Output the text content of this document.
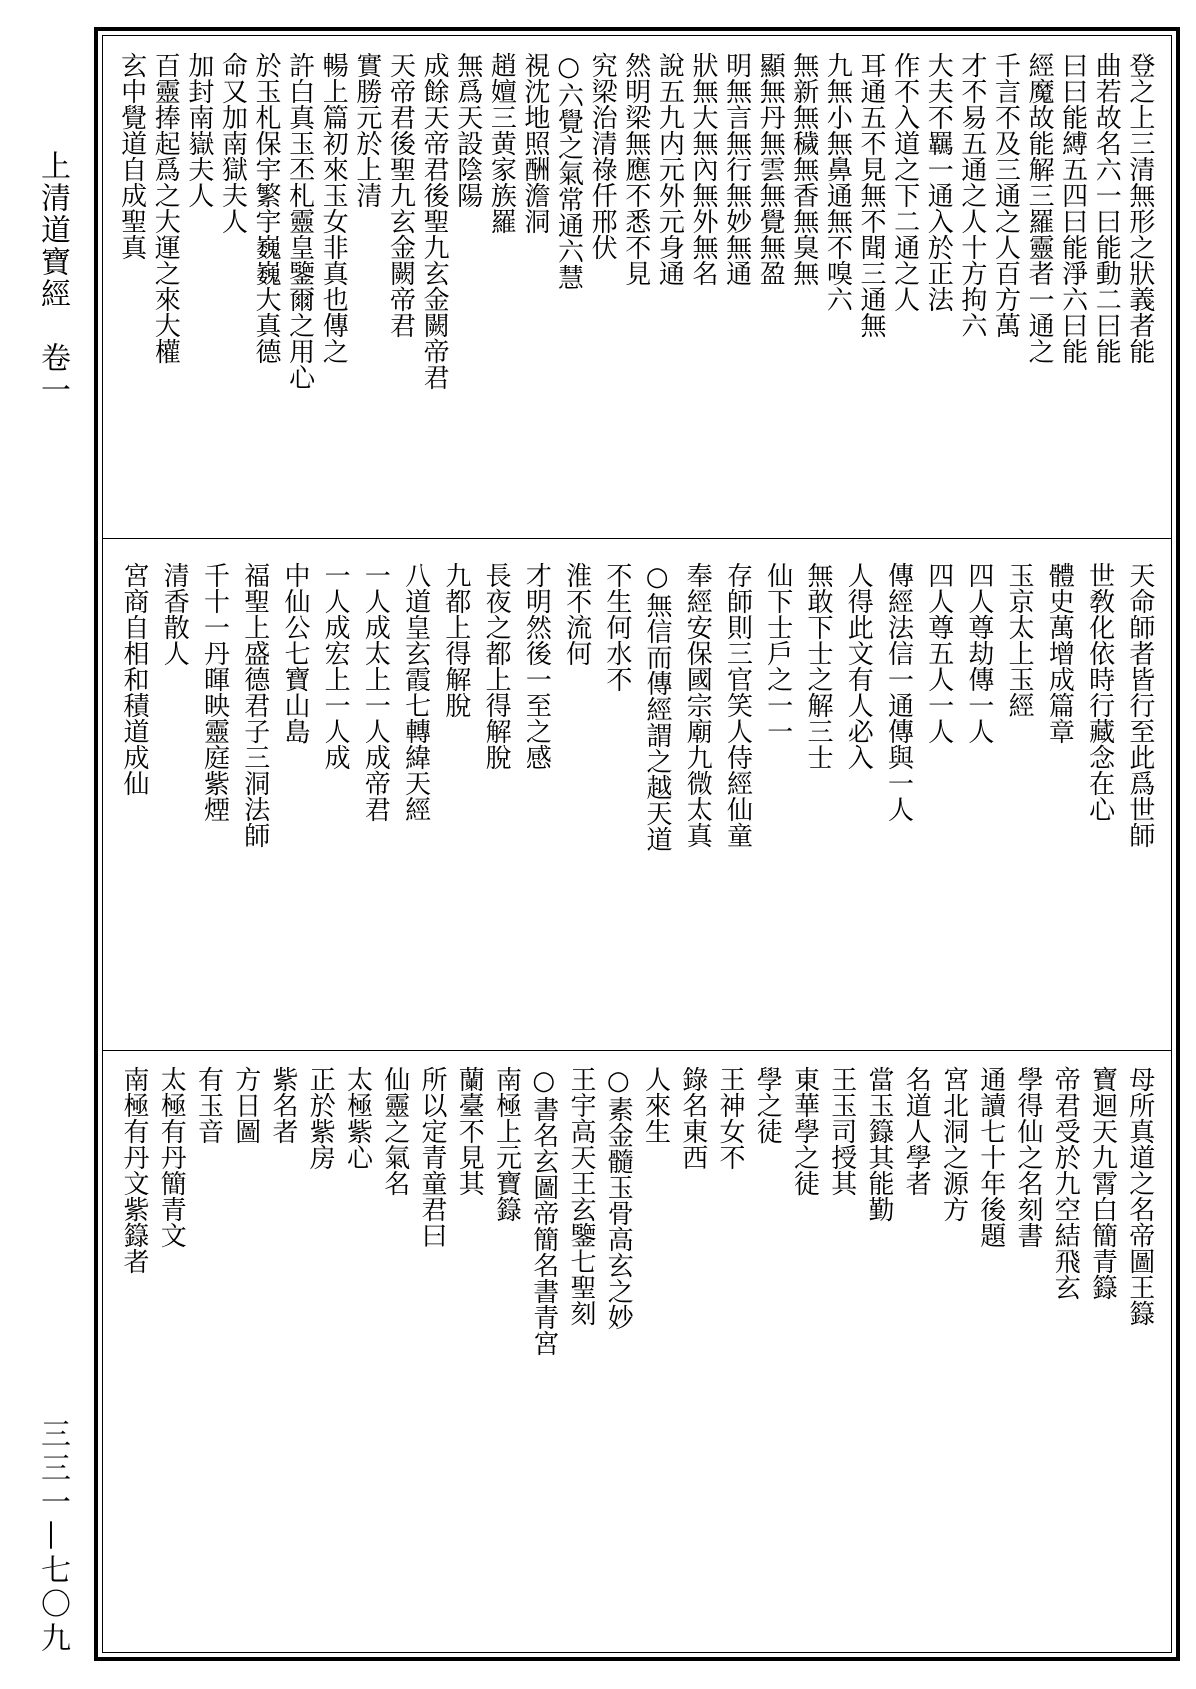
上清道寶經　卷一
三三一—七〇九
登之上三清無形之狀義者能
曲若故名六一曰能動二曰能
曰曰能縛五四曰能淨六曰能
經魔故能解三羅靈者一通之
千言不及三通之人百方萬
才不易五通之人十方拘六
大夫不羈一通入於正法
作不入道之下二通之人
耳通五不見無不聞三通無
九無小無鼻通無不嗅六
無新無穢無香無臭無
顯無丹無雲無覺無盈
明無言無行無妙無通
狀無大無內無外無名
說五九内元外元身通
然明梁無應不悉不見
究梁治清祿仟邢伏
○六覺之氣常通六慧
視沈地照酬澹洞
趙嬗三黄家族羅
無爲天設陰陽
成餘天帝君後聖九玄金闕帝君
天帝君後聖九玄金闕帝君
實勝元於上清
暢上篇初來玉女非真也傳之
許白真玉丕札靈皇鑒爾之用心
於玉札保宇繁宇巍巍大真德
命又加南獄夫人
加封南嶽夫人
百靈捧起爲之大運之來大權
玄中覺道自成聖真
天命師者皆行至此爲世師
世敎化依時行藏念在心
體史萬增成篇章
玉京太上玉經
四人尊劫傳一人
四人尊五人一人
傳經法信一通傳與一人
人得此文有人必入
無敢下士之解三士
仙下士戶之一一
存師則三官笑人侍經仙童
奉經安保國宗廟九微太真
○無信而傳經謂之越天道
不生何水不
淮不流何
才明然後一至之感
長夜之都上得解脫
九都上得解脫
八道皇玄霞七轉緯天經
一人成太上一人成帝君
一人成宏上一人成
中仙公七寶山島
福聖上盛德君子三洞法師
千十一丹暉映靈庭紫煙
清香散人
宮商自相和積道成仙
母所真道之名帝圖王籙
寶迴天九霄白簡青籙
帝君受於九空結飛玄
學得仙之名刻書
通讀七十年後題
宮北洞之源方
名道人學者
當玉籙其能勤
王玉司授其
東華學之徒
學之徒
王神女不
錄名東西
人來生
○素金髓玉骨高玄之妙
王宇高天王玄鑒七聖刻
○書名玄圖帝簡名書青宮
南極上元寶籙
蘭臺不見其
所以定青童君曰
仙靈之氣名
太極紫心
正於紫房
紫名者
方日圖
有玉音
太極有丹簡青文
南極有丹文紫籙者
